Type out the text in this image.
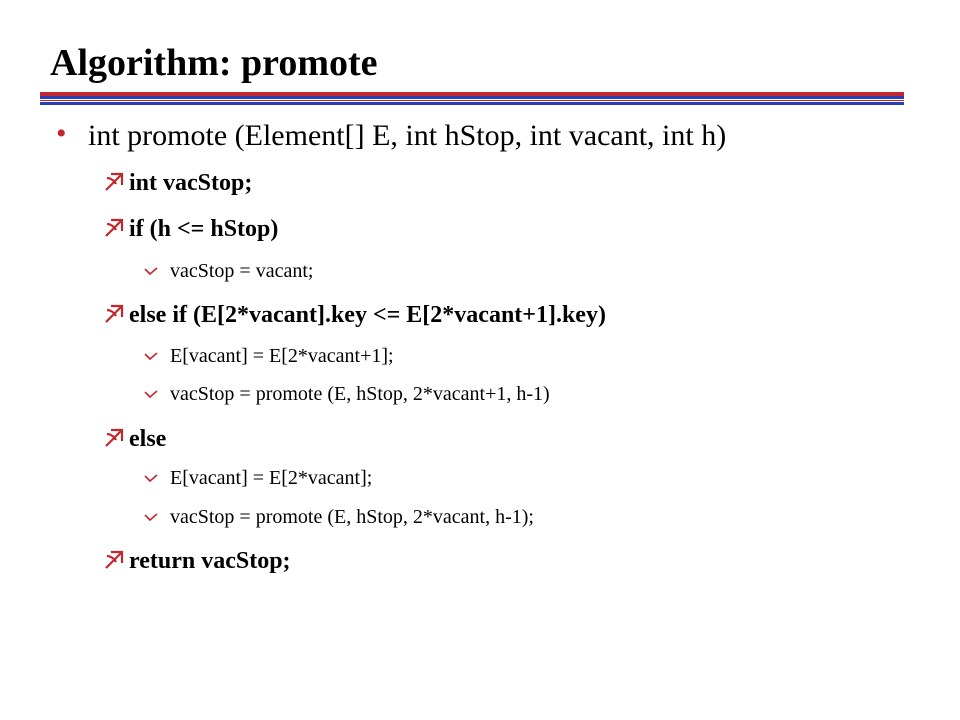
Algorithm: promote
• int promote (Element[] E, int hStop, int vacant, int h)
int vacStop;
if (h <= hStop)
vacStop = vacant;
else if (E[2*vacant].key <= E[2*vacant+1].key)
E[vacant] = E[2*vacant+1];
vacStop = promote (E, hStop, 2*vacant+1, h-1)
else
E[vacant] = E[2*vacant];
vacStop = promote (E, hStop, 2*vacant, h-1);
return vacStop;
